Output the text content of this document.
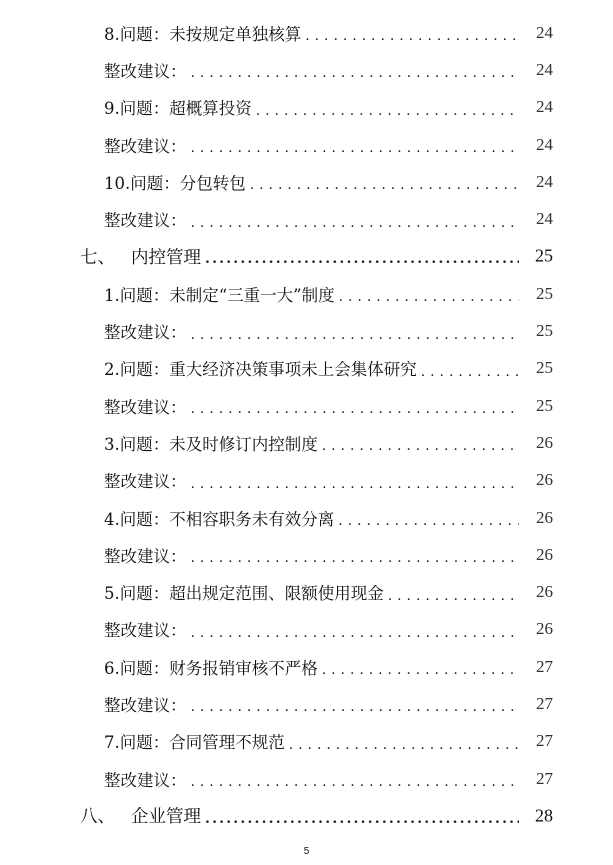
8.问题：未按规定单独核算 . . .	24
整改建议： . . .	24
9.问题：超概算投资 . . .	24
整改建议： . . .	24
10.问题：分包转包 . . .	24
整改建议： . . .	24
七、 内控管理 .....	25
1.问题：未制定“三重一大”制度 . . .	25
整改建议： . . .	25
2.问题：重大经济决策事项未上会集体研究 . . .	25
整改建议： . . .	25
3.问题：未及时修订内控制度 . . .	26
整改建议： . . .	26
4.问题：不相容职务未有效分离 . . .	26
整改建议： . . .	26
5.问题：超出规定范围、限额使用现金 . . .	26
整改建议： . . .	26
6.问题：财务报销审核不严格 . . .	27
整改建议： . . .	27
7.问题：合同管理不规范 . . .	27
整改建议： . . .	27
八、 企业管理 .....	28
5
